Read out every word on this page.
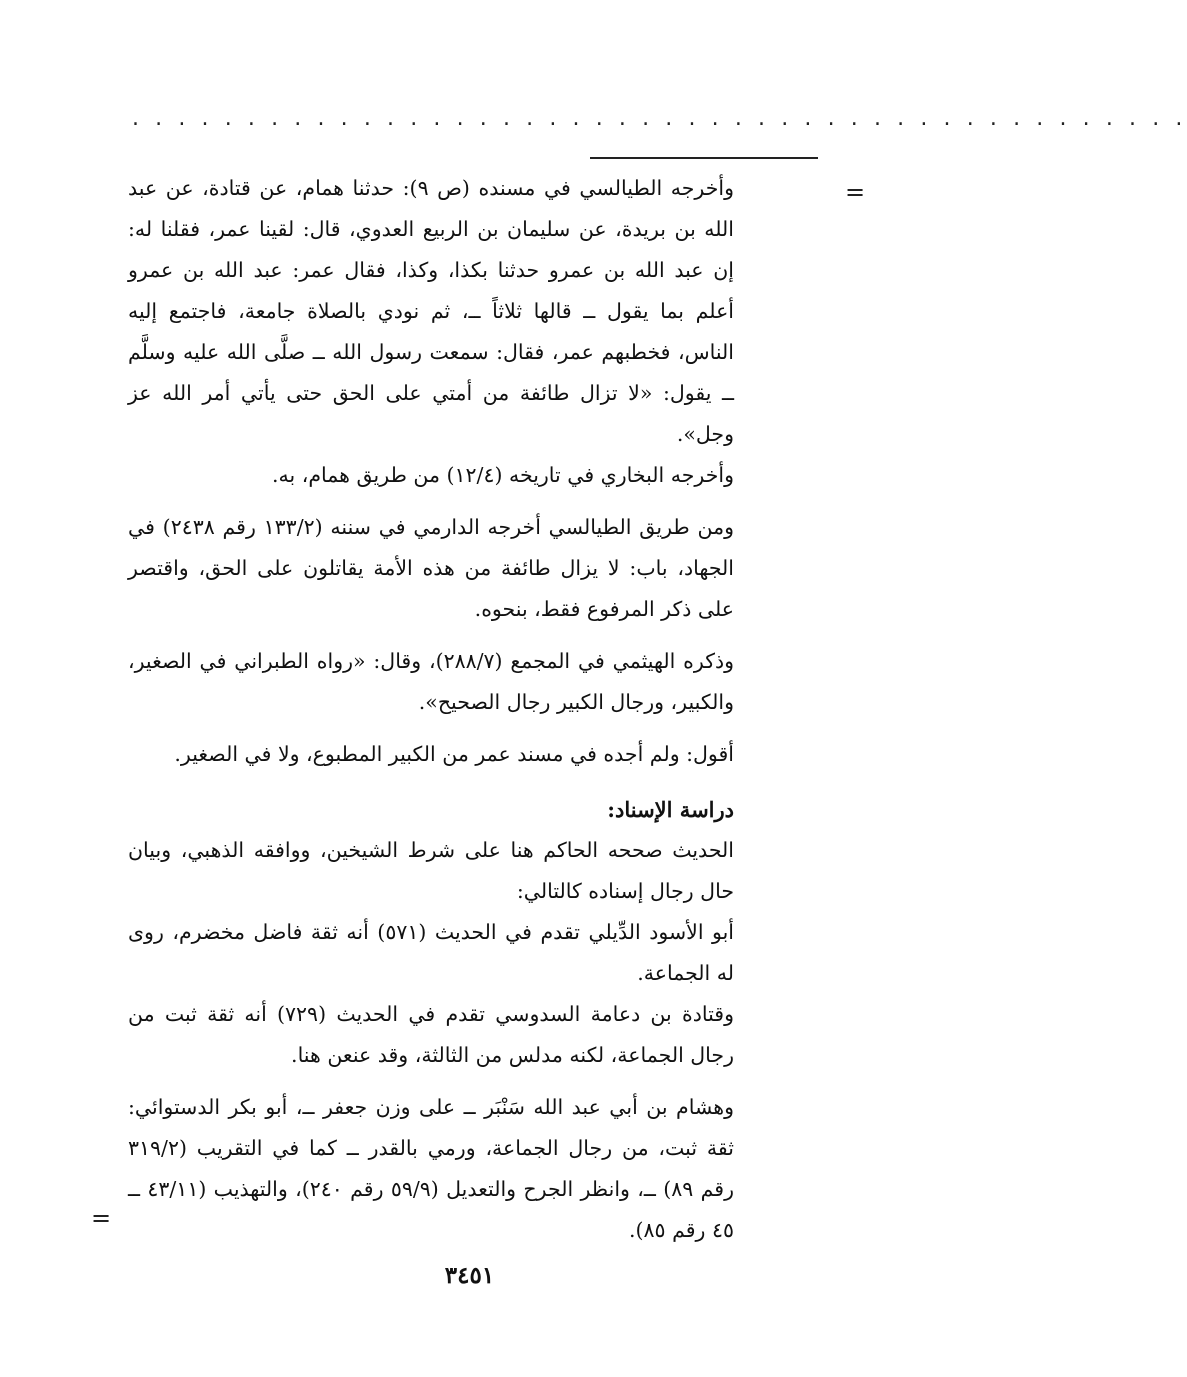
. . . . . . . . . . . . . . . . . . . . . . . . . . . . . . . . . . . . . . . . . . . . . .
=
=

وأخرجه الطيالسي في مسنده (ص ٩): حدثنا همام، عن قتادة، عن عبد الله بن بريدة، عن سليمان بن الربيع العدوي، قال: لقينا عمر، فقلنا له: إن عبد الله بن عمرو حدثنا بكذا، وكذا، فقال عمر: عبد الله بن عمرو أعلم بما يقول ــ قالها ثلاثاً ــ، ثم نودي بالصلاة جامعة، فاجتمع إليه الناس، فخطبهم عمر، فقال: سمعت رسول الله ــ صلَّى الله عليه وسلَّم ــ يقول: «لا تزال طائفة من أمتي على الحق حتى يأتي أمر الله عز وجل».

وأخرجه البخاري في تاريخه (١٢/٤) من طريق همام، به.

ومن طريق الطيالسي أخرجه الدارمي في سننه (١٣٣/٢ رقم ٢٤٣٨) في الجهاد، باب: لا يزال طائفة من هذه الأمة يقاتلون على الحق، واقتصر على ذكر المرفوع فقط، بنحوه.

وذكره الهيثمي في المجمع (٢٨٨/٧)، وقال: «رواه الطبراني في الصغير، والكبير، ورجال الكبير رجال الصحيح».

أقول: ولم أجده في مسند عمر من الكبير المطبوع، ولا في الصغير.

دراسة الإسناد:

الحديث صححه الحاكم هنا على شرط الشيخين، ووافقه الذهبي، وبيان حال رجال إسناده كالتالي:

أبو الأسود الدِّيلي تقدم في الحديث (٥٧١) أنه ثقة فاضل مخضرم، روى له الجماعة.

وقتادة بن دعامة السدوسي تقدم في الحديث (٧٢٩) أنه ثقة ثبت من رجال الجماعة، لكنه مدلس من الثالثة، وقد عنعن هنا.

وهشام بن أبي عبد الله سَنْبَر ــ على وزن جعفر ــ، أبو بكر الدستوائي: ثقة ثبت، من رجال الجماعة، ورمي بالقدر ــ كما في التقريب (٣١٩/٢ رقم ٨٩) ــ، وانظر الجرح والتعديل (٥٩/٩ رقم ٢٤٠)، والتهذيب (٤٣/١١ ــ ٤٥ رقم ٨٥).

٣٤٥١
